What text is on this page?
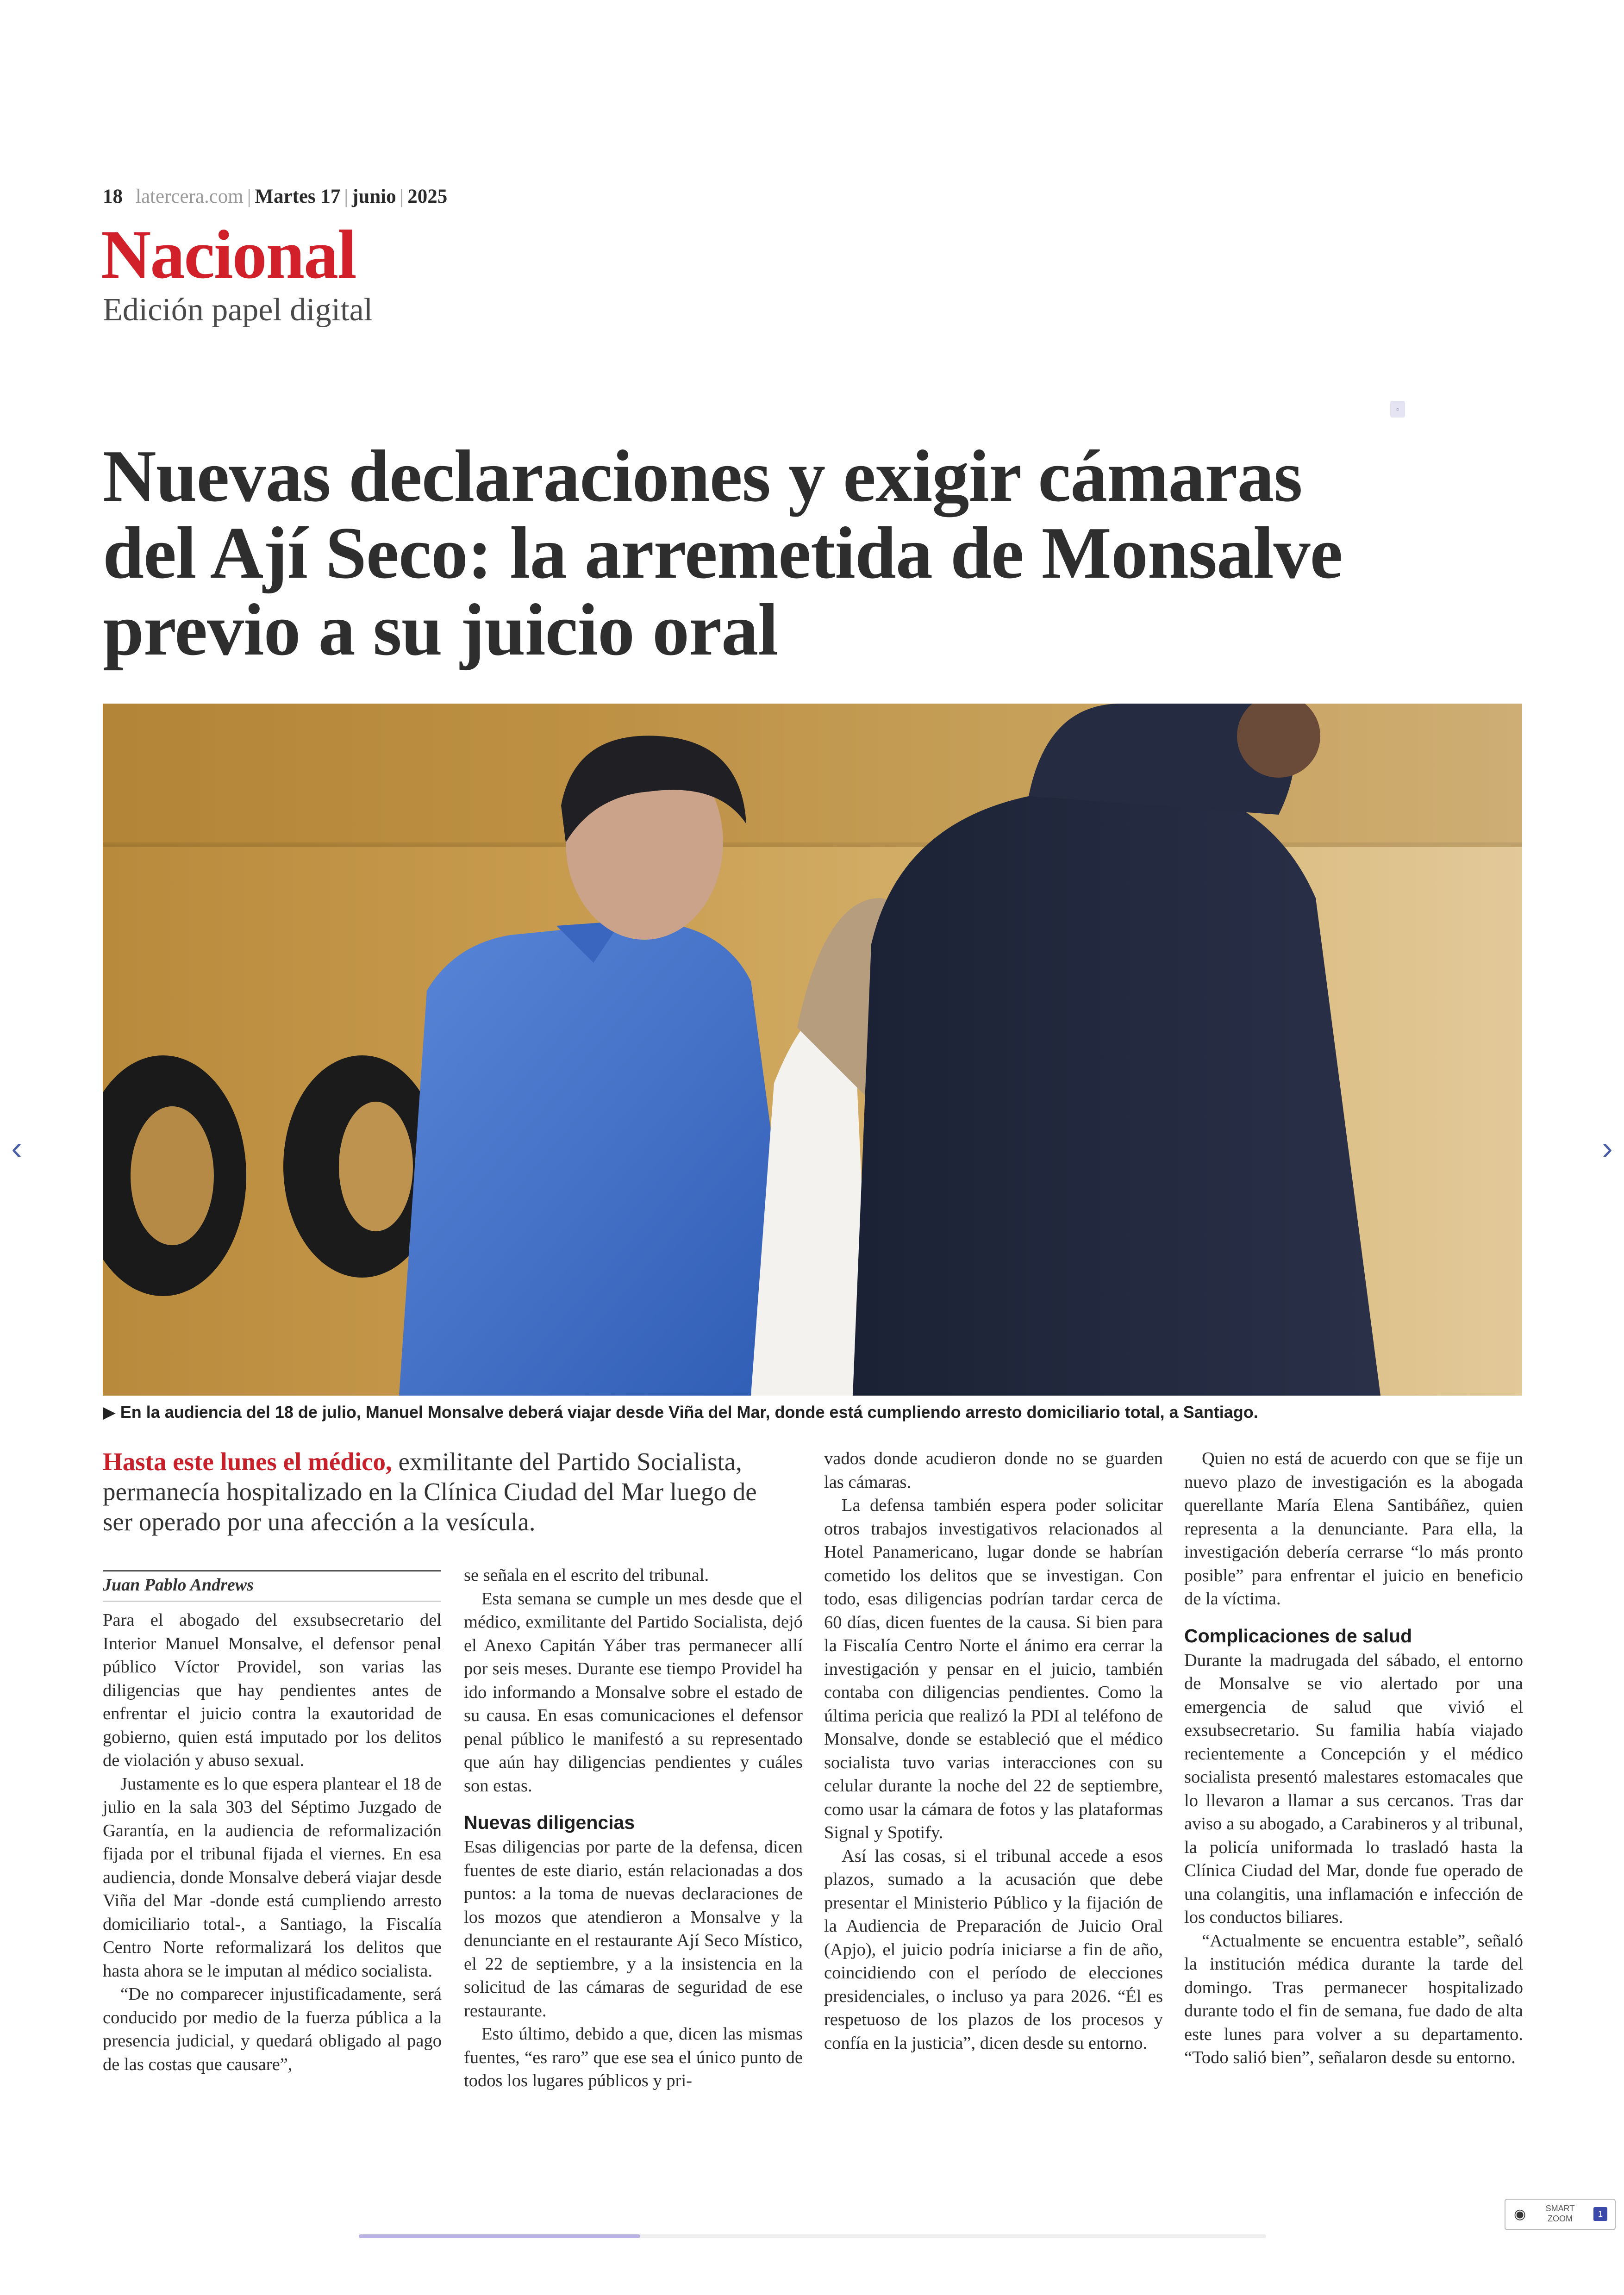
18 latercera.com | Martes 17 | junio | 2025
Nacional
Edición papel digital
▫
Nuevas declaraciones y exigir cámaras del Ají Seco: la arremetida de Monsalve previo a su juicio oral
▶ En la audiencia del 18 de julio, Manuel Monsalve deberá viajar desde Viña del Mar, donde está cumpliendo arresto domiciliario total, a Santiago.
Hasta este lunes el médico, exmilitante del Partido Socialista, permanecía hospitalizado en la Clínica Ciudad del Mar luego de ser operado por una afección a la vesícula.
Juan Pablo Andrews

Para el abogado del exsubsecretario del Interior Manuel Monsalve, el defensor penal público Víctor Providel, son varias las diligencias que hay pendientes antes de enfrentar el juicio contra la exautoridad de gobierno, quien está imputado por los delitos de violación y abuso sexual.

Justamente es lo que espera plantear el 18 de julio en la sala 303 del Séptimo Juzgado de Garantía, en la audiencia de reformalización fijada por el tribunal fijada el viernes. En esa audiencia, donde Monsalve deberá viajar desde Viña del Mar -donde está cumpliendo arresto domiciliario total-, a Santiago, la Fiscalía Centro Norte reformalizará los delitos que hasta ahora se le imputan al médico socialista.

“De no comparecer injustificadamente, será conducido por medio de la fuerza pública a la presencia judicial, y quedará obligado al pago de las costas que causare”,

se señala en el escrito del tribunal.

Esta semana se cumple un mes desde que el médico, exmilitante del Partido Socialista, dejó el Anexo Capitán Yáber tras permanecer allí por seis meses. Durante ese tiempo Providel ha ido informando a Monsalve sobre el estado de su causa. En esas comunicaciones el defensor penal público le manifestó a su representado que aún hay diligencias pendientes y cuáles son estas.

Nuevas diligencias

Esas diligencias por parte de la defensa, dicen fuentes de este diario, están relacionadas a dos puntos: a la toma de nuevas declaraciones de los mozos que atendieron a Monsalve y la denunciante en el restaurante Ají Seco Místico, el 22 de septiembre, y a la insistencia en la solicitud de las cámaras de seguridad de ese restaurante.

Esto último, debido a que, dicen las mismas fuentes, “es raro” que ese sea el único punto de todos los lugares públicos y pri-

vados donde acudieron donde no se guarden las cámaras.

La defensa también espera poder solicitar otros trabajos investigativos relacionados al Hotel Panamericano, lugar donde se habrían cometido los delitos que se investigan. Con todo, esas diligencias podrían tardar cerca de 60 días, dicen fuentes de la causa. Si bien para la Fiscalía Centro Norte el ánimo era cerrar la investigación y pensar en el juicio, también contaba con diligencias pendientes. Como la última pericia que realizó la PDI al teléfono de Monsalve, donde se estableció que el médico socialista tuvo varias interacciones con su celular durante la noche del 22 de septiembre, como usar la cámara de fotos y las plataformas Signal y Spotify.

Así las cosas, si el tribunal accede a esos plazos, sumado a la acusación que debe presentar el Ministerio Público y la fijación de la Audiencia de Preparación de Juicio Oral (Apjo), el juicio podría iniciarse a fin de año, coincidiendo con el período de elecciones presidenciales, o incluso ya para 2026. “Él es respetuoso de los plazos de los procesos y confía en la justicia”, dicen desde su entorno.

Quien no está de acuerdo con que se fije un nuevo plazo de investigación es la abogada querellante María Elena Santibáñez, quien representa a la denunciante. Para ella, la investigación debería cerrarse “lo más pronto posible” para enfrentar el juicio en beneficio de la víctima.

Complicaciones de salud

Durante la madrugada del sábado, el entorno de Monsalve se vio alertado por una emergencia de salud que vivió el exsubsecretario. Su familia había viajado recientemente a Concepción y el médico socialista presentó malestares estomacales que lo llevaron a llamar a sus cercanos. Tras dar aviso a su abogado, a Carabineros y al tribunal, la policía uniformada lo trasladó hasta la Clínica Ciudad del Mar, donde fue operado de una colangitis, una inflamación e infección de los conductos biliares.

“Actualmente se encuentra estable”, señaló la institución médica durante la tarde del domingo. Tras permanecer hospitalizado durante todo el fin de semana, fue dado de alta este lunes para volver a su departamento. “Todo salió bien”, señalaron desde su entorno.

‹	›
◉	SMART
ZOOM	1
